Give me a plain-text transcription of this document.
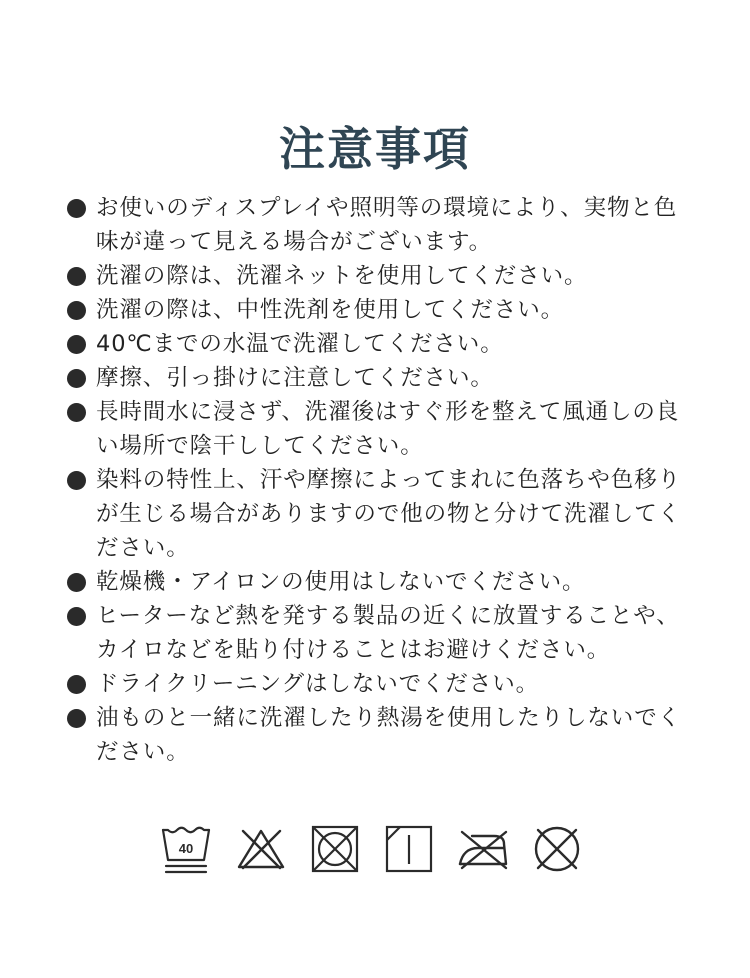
注意事項
お使いのディスプレイや照明等の環境により、実物と色味が違って見える場合がございます。
洗濯の際は、洗濯ネットを使用してください。
洗濯の際は、中性洗剤を使用してください。
40℃までの水温で洗濯してください。
摩擦、引っ掛けに注意してください。
長時間水に浸さず、洗濯後はすぐ形を整えて風通しの良い場所で陰干ししてください。
染料の特性上、汗や摩擦によってまれに色落ちや色移りが生じる場合がありますので他の物と分けて洗濯してください。
乾燥機・アイロンの使用はしないでください。
ヒーターなど熱を発する製品の近くに放置することや、カイロなどを貼り付けることはお避けください。
ドライクリーニングはしないでください。
油ものと一緒に洗濯したり熱湯を使用したりしないでください。
40
